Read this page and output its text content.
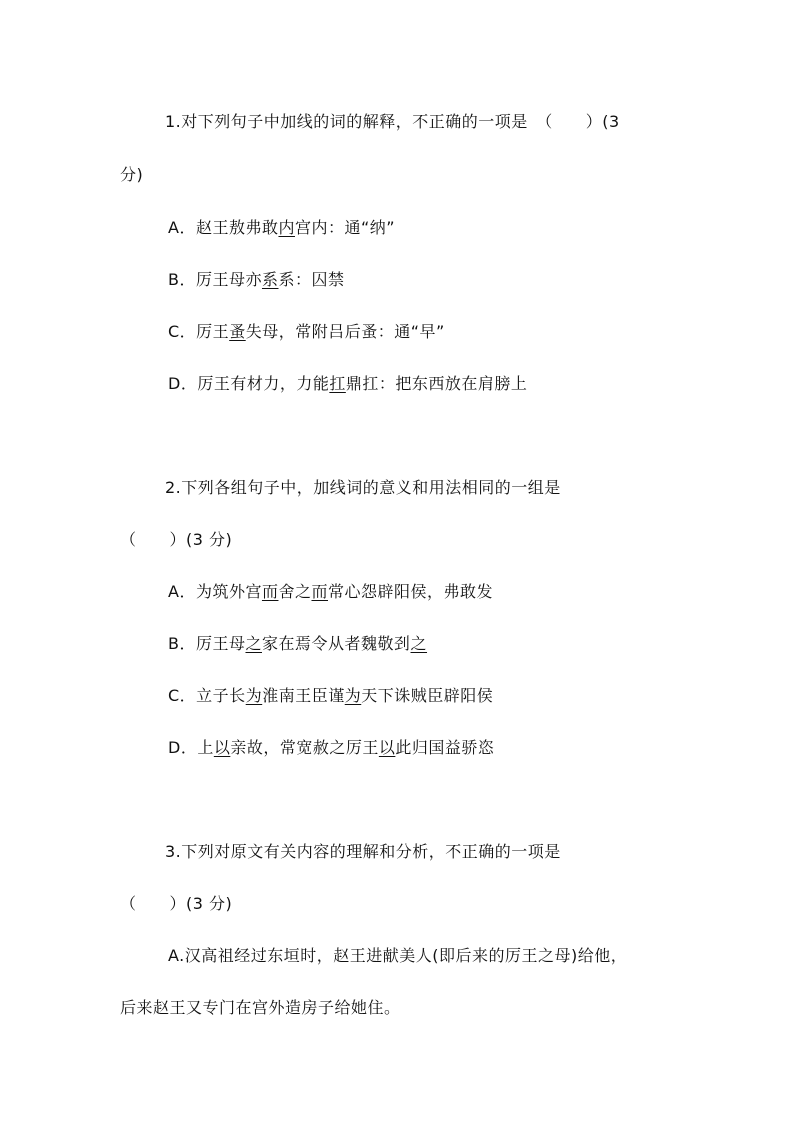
1.对下列句子中加线的词的解释，不正确的一项是　（　　）(3
分)
A．赵王敖弗敢内宫内：通“纳”
B．厉王母亦系系：囚禁
C．厉王蚤失母，常附吕后蚤：通“早”
D．厉王有材力，力能扛鼎扛：把东西放在肩膀上
2.下列各组句子中，加线词的意义和用法相同的一组是
（　　）(3 分)
A．为筑外宫而舍之而常心怨辟阳侯，弗敢发
B．厉王母之家在焉令从者魏敬刭之
C．立子长为淮南王臣谨为天下诛贼臣辟阳侯
D．上以亲故，常宽赦之厉王以此归国益骄恣
3.下列对原文有关内容的理解和分析，不正确的一项是
（　　）(3 分)
A.汉高祖经过东垣时，赵王进献美人(即后来的厉王之母)给他，
后来赵王又专门在宫外造房子给她住。
